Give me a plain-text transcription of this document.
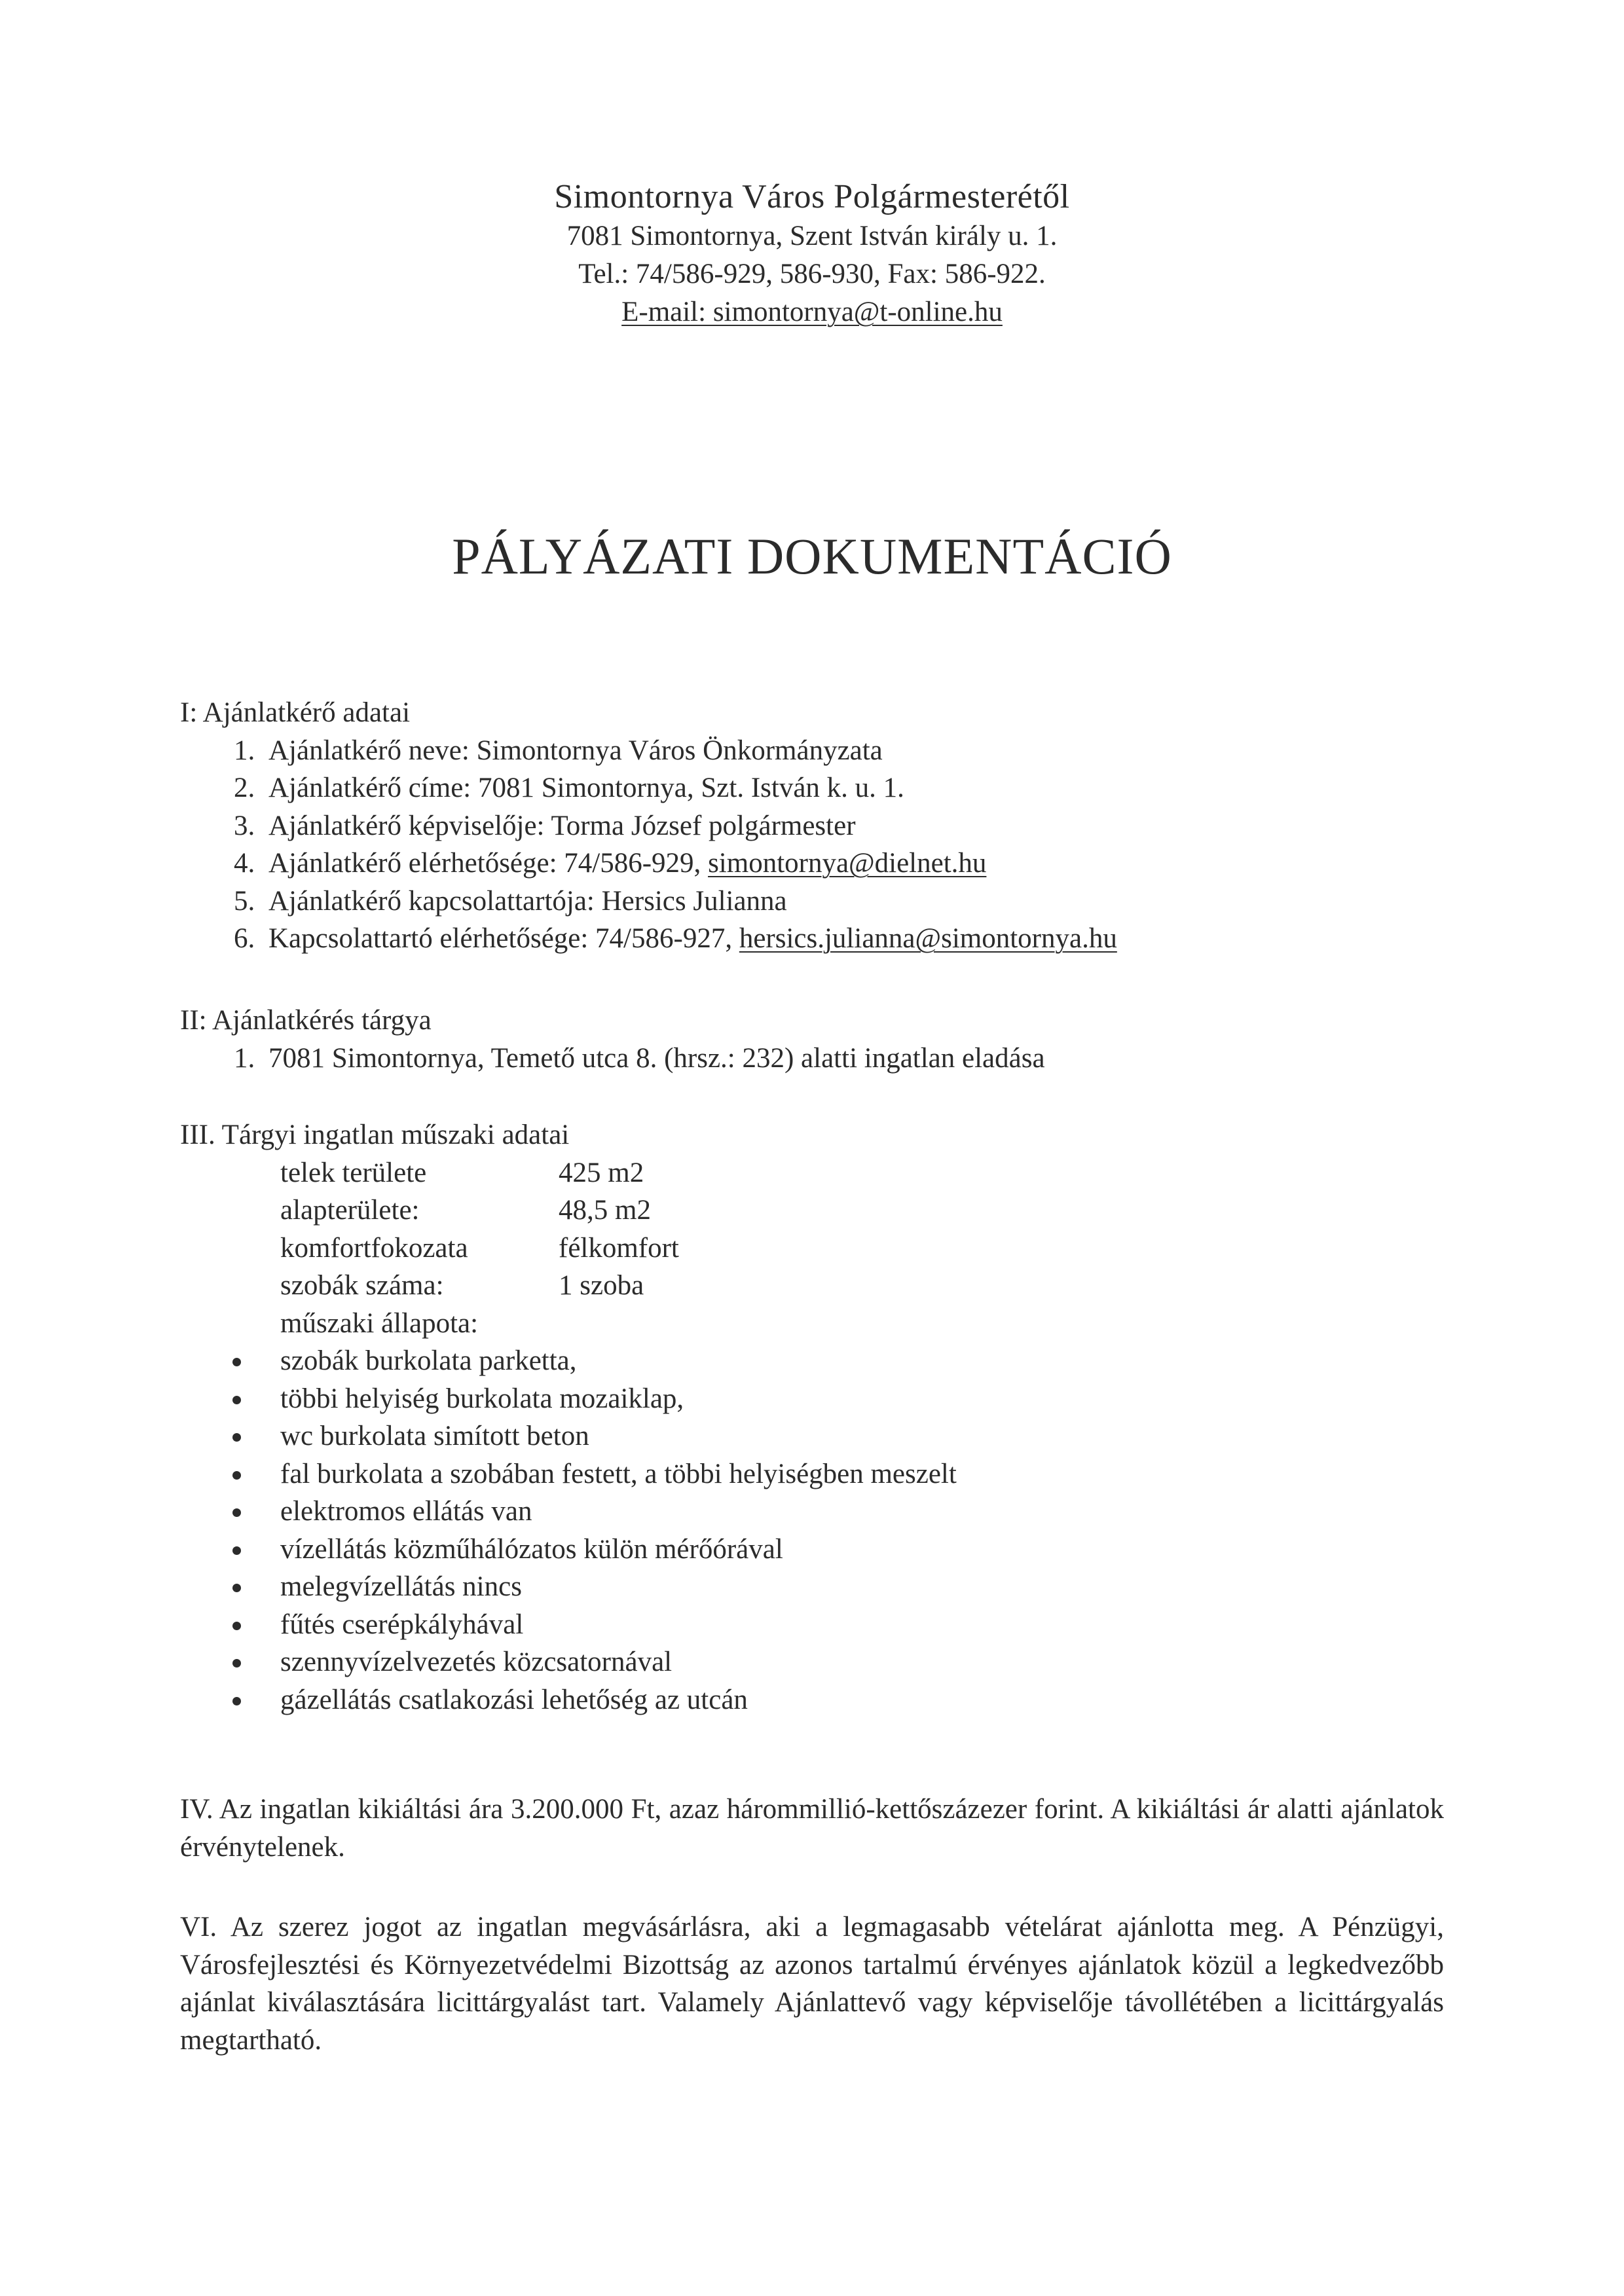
Simontornya Város Polgármesterétől
7081 Simontornya, Szent István király u. 1.
Tel.: 74/586-929, 586-930, Fax: 586-922.
E-mail: simontornya@t-online.hu
PÁLYÁZATI DOKUMENTÁCIÓ
I: Ajánlatkérő adatai
1. Ajánlatkérő neve: Simontornya Város Önkormányzata
2. Ajánlatkérő címe: 7081 Simontornya, Szt. István k. u. 1.
3. Ajánlatkérő képviselője: Torma József polgármester
4. Ajánlatkérő elérhetősége: 74/586-929, simontornya@dielnet.hu
5. Ajánlatkérő kapcsolattartója: Hersics Julianna
6. Kapcsolattartó elérhetősége: 74/586-927, hersics.julianna@simontornya.hu
II: Ajánlatkérés tárgya
1. 7081 Simontornya, Temető utca 8. (hrsz.: 232) alatti ingatlan eladása
III. Tárgyi ingatlan műszaki adatai
telek területe	425 m2
alapterülete:	48,5 m2
komfortfokozata	félkomfort
szobák száma:	1 szoba
műszaki állapota:
szobák burkolata parketta,
többi helyiség burkolata mozaiklap,
wc burkolata simított beton
fal burkolata a szobában festett, a többi helyiségben meszelt
elektromos ellátás van
vízellátás közműhálózatos külön mérőórával
melegvízellátás nincs
fűtés cserépkályhával
szennyvízelvezetés közcsatornával
gázellátás csatlakozási lehetőség az utcán
IV. Az ingatlan kikiáltási ára 3.200.000 Ft, azaz hárommillió-kettőszázezer forint. A kikiáltási ár alatti ajánlatok érvénytelenek.
VI. Az szerez jogot az ingatlan megvásárlásra, aki a legmagasabb vételárat ajánlotta meg. A Pénzügyi, Városfejlesztési és Környezetvédelmi Bizottság az azonos tartalmú érvényes ajánlatok közül a legkedvezőbb ajánlat kiválasztására licittárgyalást tart. Valamely Ajánlattevő vagy képviselője távollétében a licittárgyalás megtartható.
